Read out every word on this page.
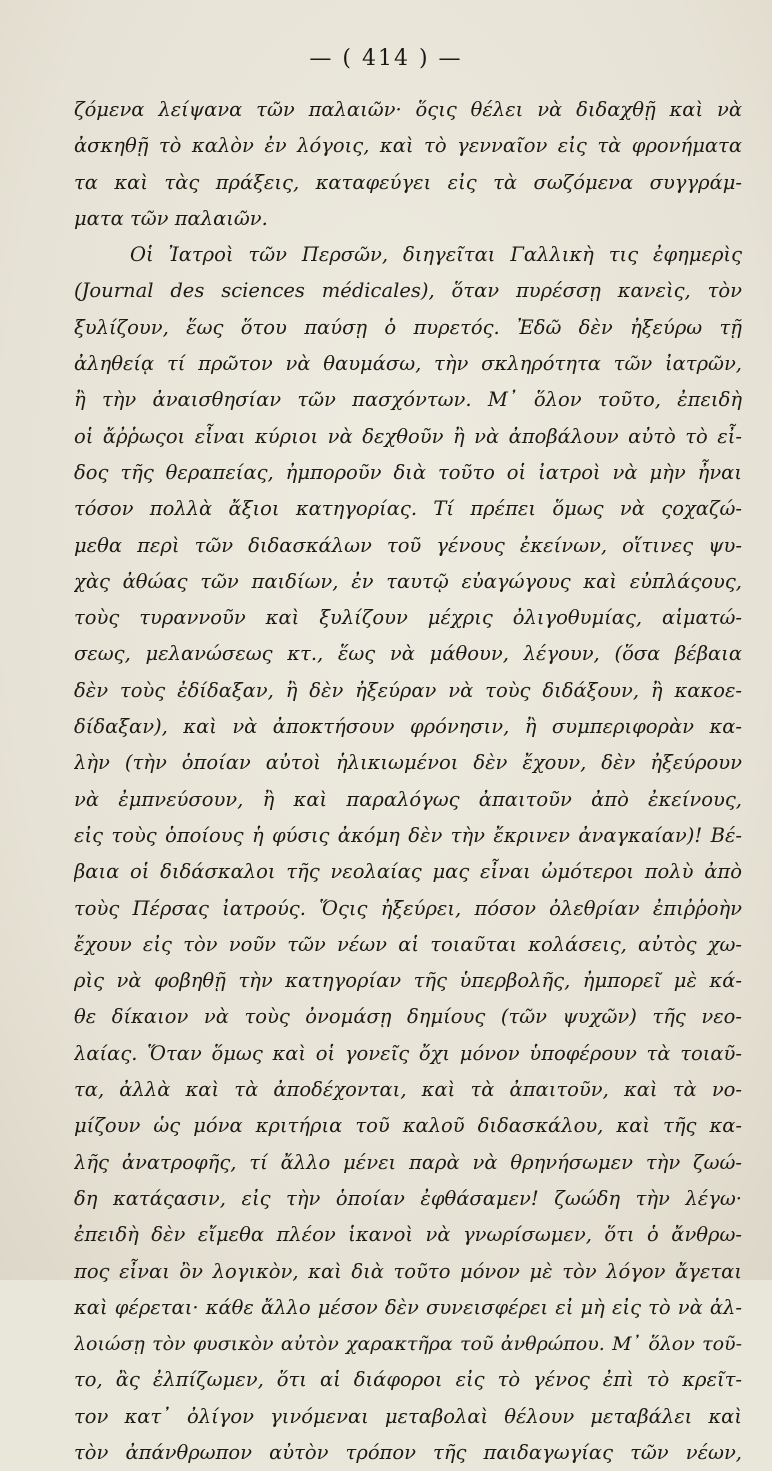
— ( 414 ) —
ζόμενα λείψανα τῶν παλαιῶν· ὅςις θέλει νὰ διδαχθῇ καὶ νὰ
ἀσκηθῇ τὸ καλὸν ἐν λόγοις, καὶ τὸ γενναῖον εἰς τὰ φρονήματα
τα καὶ τὰς πράξεις, καταφεύγει εἰς τὰ σωζόμενα συγγράμ-
ματα τῶν παλαιῶν.
Οἱ Ἰατροὶ τῶν Περσῶν, διηγεῖται Γαλλικὴ τις ἐφημερὶς
(Journal des sciences médicales), ὅταν πυρέσσῃ κανεὶς, τὸν
ξυλίζουν, ἕως ὅτου παύσῃ ὁ πυρετός. Ἐδῶ δὲν ἠξεύρω τῇ
ἀληθείᾳ τί πρῶτον νὰ θαυμάσω, τὴν σκληρότητα τῶν ἰατρῶν,
ἢ τὴν ἀναισθησίαν τῶν πασχόντων. Μ᾽ ὅλον τοῦτο, ἐπειδὴ
οἱ ἄῤῥωςοι εἶναι κύριοι νὰ δεχθοῦν ἢ νὰ ἀποβάλουν αὐτὸ τὸ εἶ-
δος τῆς θεραπείας, ἠμποροῦν διὰ τοῦτο οἱ ἰατροὶ νὰ μὴν ἦναι
τόσον πολλὰ ἄξιοι κατηγορίας. Τί πρέπει ὅμως νὰ ςοχαζώ-
μεθα περὶ τῶν διδασκάλων τοῦ γένους ἐκείνων, οἵτινες ψυ-
χὰς ἀθώας τῶν παιδίων, ἐν ταυτῷ εὐαγώγους καὶ εὐπλάςους,
τοὺς τυραννοῦν καὶ ξυλίζουν μέχρις ὀλιγοθυμίας, αἱματώ-
σεως, μελανώσεως κτ., ἕως νὰ μάθουν, λέγουν, (ὅσα βέβαια
δὲν τοὺς ἐδίδαξαν, ἢ δὲν ἠξεύραν νὰ τοὺς διδάξουν, ἢ κακοε-
δίδαξαν), καὶ νὰ ἀποκτήσουν φρόνησιν, ἢ συμπεριφορὰν κα-
λὴν (τὴν ὁποίαν αὐτοὶ ἡλικιωμένοι δὲν ἔχουν, δὲν ἠξεύρουν
νὰ ἐμπνεύσουν, ἢ καὶ παραλόγως ἀπαιτοῦν ἀπὸ ἐκείνους,
εἰς τοὺς ὁποίους ἡ φύσις ἀκόμη δὲν τὴν ἔκρινεν ἀναγκαίαν)! Βέ-
βαια οἱ διδάσκαλοι τῆς νεολαίας μας εἶναι ὠμότεροι πολὺ ἀπὸ
τοὺς Πέρσας ἰατρούς. Ὅςις ἠξεύρει, πόσον ὀλεθρίαν ἐπιῤῥοὴν
ἔχουν εἰς τὸν νοῦν τῶν νέων αἱ τοιαῦται κολάσεις, αὐτὸς χω-
ρὶς νὰ φοβηθῇ τὴν κατηγορίαν τῆς ὑπερβολῆς, ἠμπορεῖ μὲ κά-
θε δίκαιον νὰ τοὺς ὀνομάσῃ δημίους (τῶν ψυχῶν) τῆς νεο-
λαίας. Ὅταν ὅμως καὶ οἱ γονεῖς ὄχι μόνον ὑποφέρουν τὰ τοιαῦ-
τα, ἀλλὰ καὶ τὰ ἀποδέχονται, καὶ τὰ ἀπαιτοῦν, καὶ τὰ νο-
μίζουν ὡς μόνα κριτήρια τοῦ καλοῦ διδασκάλου, καὶ τῆς κα-
λῆς ἀνατροφῆς, τί ἄλλο μένει παρὰ νὰ θρηνήσωμεν τὴν ζωώ-
δη κατάςασιν, εἰς τὴν ὁποίαν ἐφθάσαμεν! ζωώδη τὴν λέγω·
ἐπειδὴ δὲν εἴμεθα πλέον ἱκανοὶ νὰ γνωρίσωμεν, ὅτι ὁ ἄνθρω-
πος εἶναι ὂν λογικὸν, καὶ διὰ τοῦτο μόνον μὲ τὸν λόγον ἄγεται
καὶ φέρεται· κάθε ἄλλο μέσον δὲν συνεισφέρει εἰ μὴ εἰς τὸ νὰ ἀλ-
λοιώσῃ τὸν φυσικὸν αὐτὸν χαρακτῆρα τοῦ ἀνθρώπου. Μ᾽ ὅλον τοῦ-
το, ἂς ἐλπίζωμεν, ὅτι αἱ διάφοροι εἰς τὸ γένος ἐπὶ τὸ κρεῖτ-
τον κατ᾽ ὀλίγον γινόμεναι μεταβολαὶ θέλουν μεταβάλει καὶ
τὸν ἀπάνθρωπον αὐτὸν τρόπον τῆς παιδαγωγίας τῶν νέων,
